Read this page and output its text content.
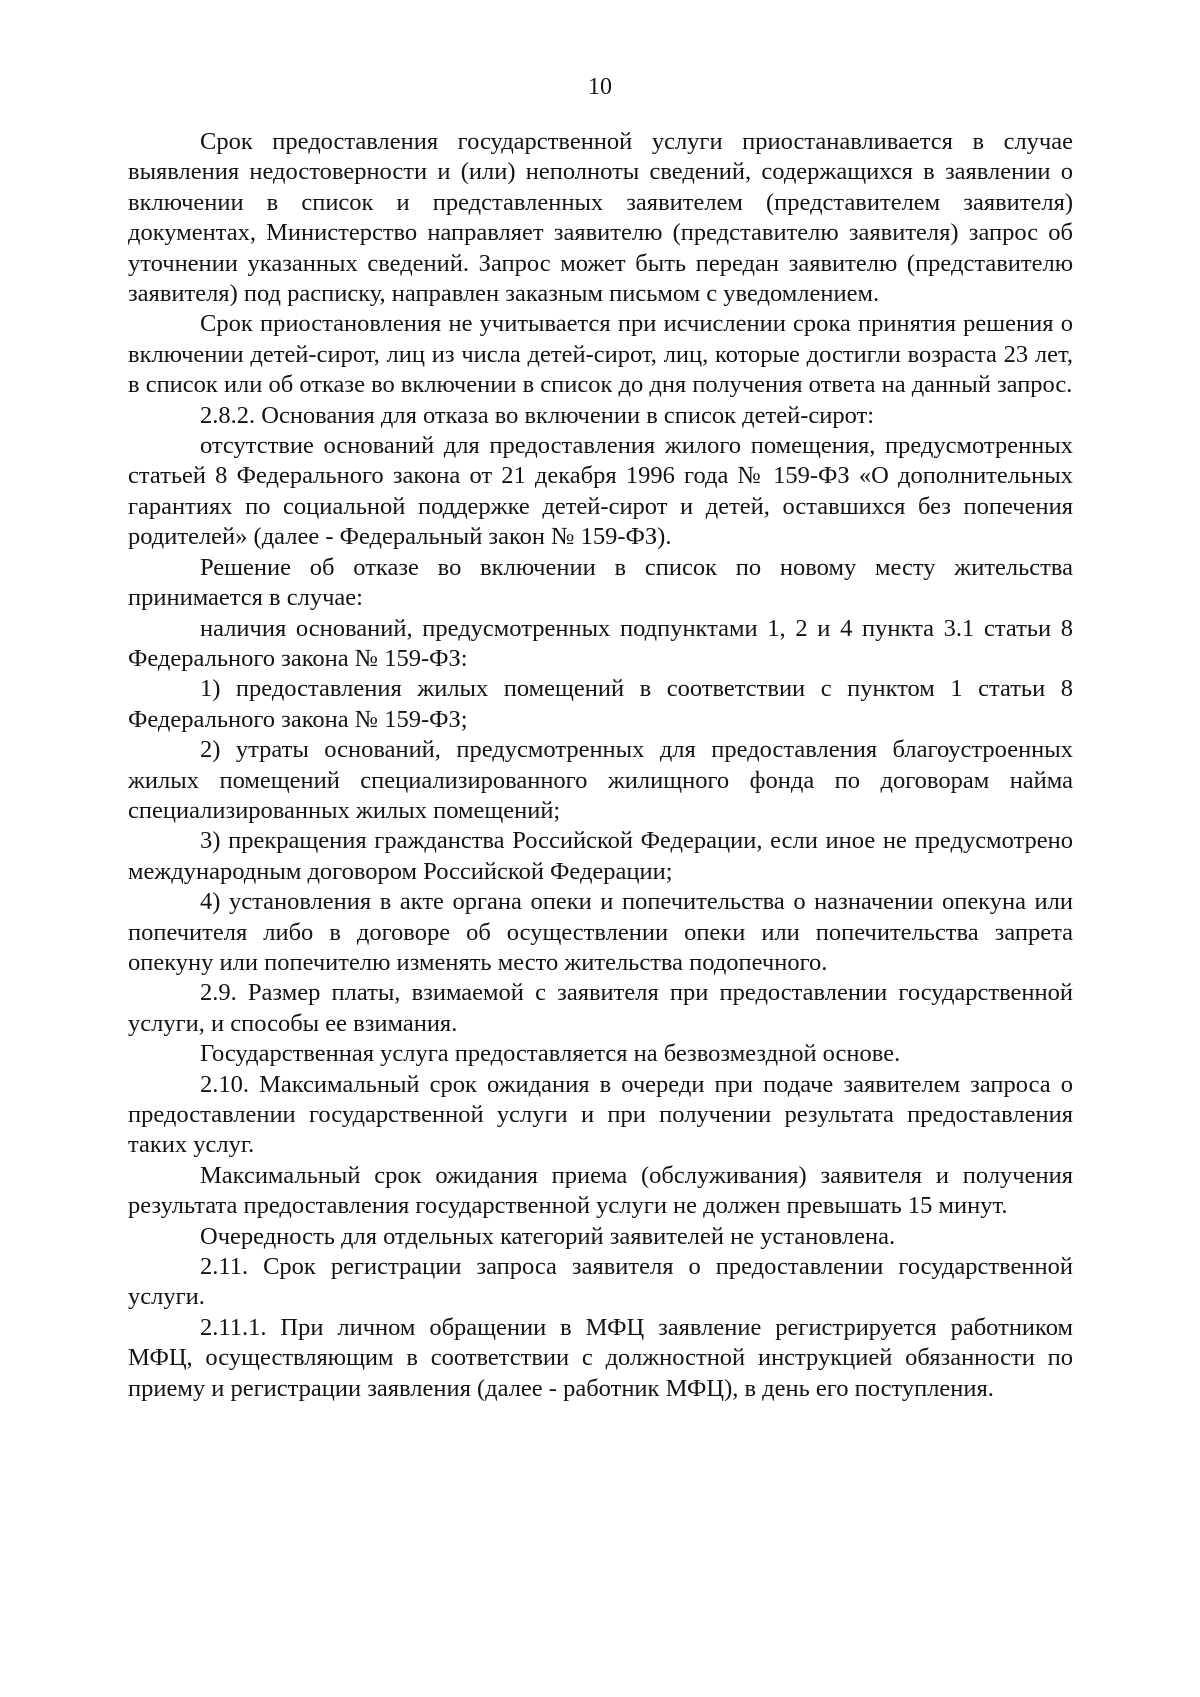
10

Срок предоставления государственной услуги приостанавливается в случае выявления недостоверности и (или) неполноты сведений, содержащихся в заявлении о включении в список и представленных заявителем (представителем заявителя) документах, Министерство направляет заявителю (представителю заявителя) запрос об уточнении указанных сведений. Запрос может быть передан заявителю (представителю заявителя) под расписку, направлен заказным письмом с уведомлением.

Срок приостановления не учитывается при исчислении срока принятия решения о включении детей-сирот, лиц из числа детей-сирот, лиц, которые достигли возраста 23 лет, в список или об отказе во включении в список до дня получения ответа на данный запрос.

2.8.2. Основания для отказа во включении в список детей-сирот:

отсутствие оснований для предоставления жилого помещения, предусмотренных статьей 8 Федерального закона от 21 декабря 1996 года № 159-ФЗ «О дополнительных гарантиях по социальной поддержке детей-сирот и детей, оставшихся без попечения родителей» (далее - Федеральный закон № 159-ФЗ).

Решение об отказе во включении в список по новому месту жительства принимается в случае:

наличия оснований, предусмотренных подпунктами 1, 2 и 4 пункта 3.1 статьи 8 Федерального закона № 159-ФЗ:

1) предоставления жилых помещений в соответствии с пунктом 1 статьи 8 Федерального закона № 159-ФЗ;

2) утраты оснований, предусмотренных для предоставления благоустроенных жилых помещений специализированного жилищного фонда по договорам найма специализированных жилых помещений;

3) прекращения гражданства Российской Федерации, если иное не предусмотрено международным договором Российской Федерации;

4) установления в акте органа опеки и попечительства о назначении опекуна или попечителя либо в договоре об осуществлении опеки или попечительства запрета опекуну или попечителю изменять место жительства подопечного.

2.9. Размер платы, взимаемой с заявителя при предоставлении государственной услуги, и способы ее взимания.

Государственная услуга предоставляется на безвозмездной основе.

2.10. Максимальный срок ожидания в очереди при подаче заявителем запроса о предоставлении государственной услуги и при получении результата предоставления таких услуг.

Максимальный срок ожидания приема (обслуживания) заявителя и получения результата предоставления государственной услуги не должен превышать 15 минут.

Очередность для отдельных категорий заявителей не установлена.

2.11. Срок регистрации запроса заявителя о предоставлении государственной услуги.

2.11.1. При личном обращении в МФЦ заявление регистрируется работником МФЦ, осуществляющим в соответствии с должностной инструкцией обязанности по приему и регистрации заявления (далее - работник МФЦ), в день его поступления.
